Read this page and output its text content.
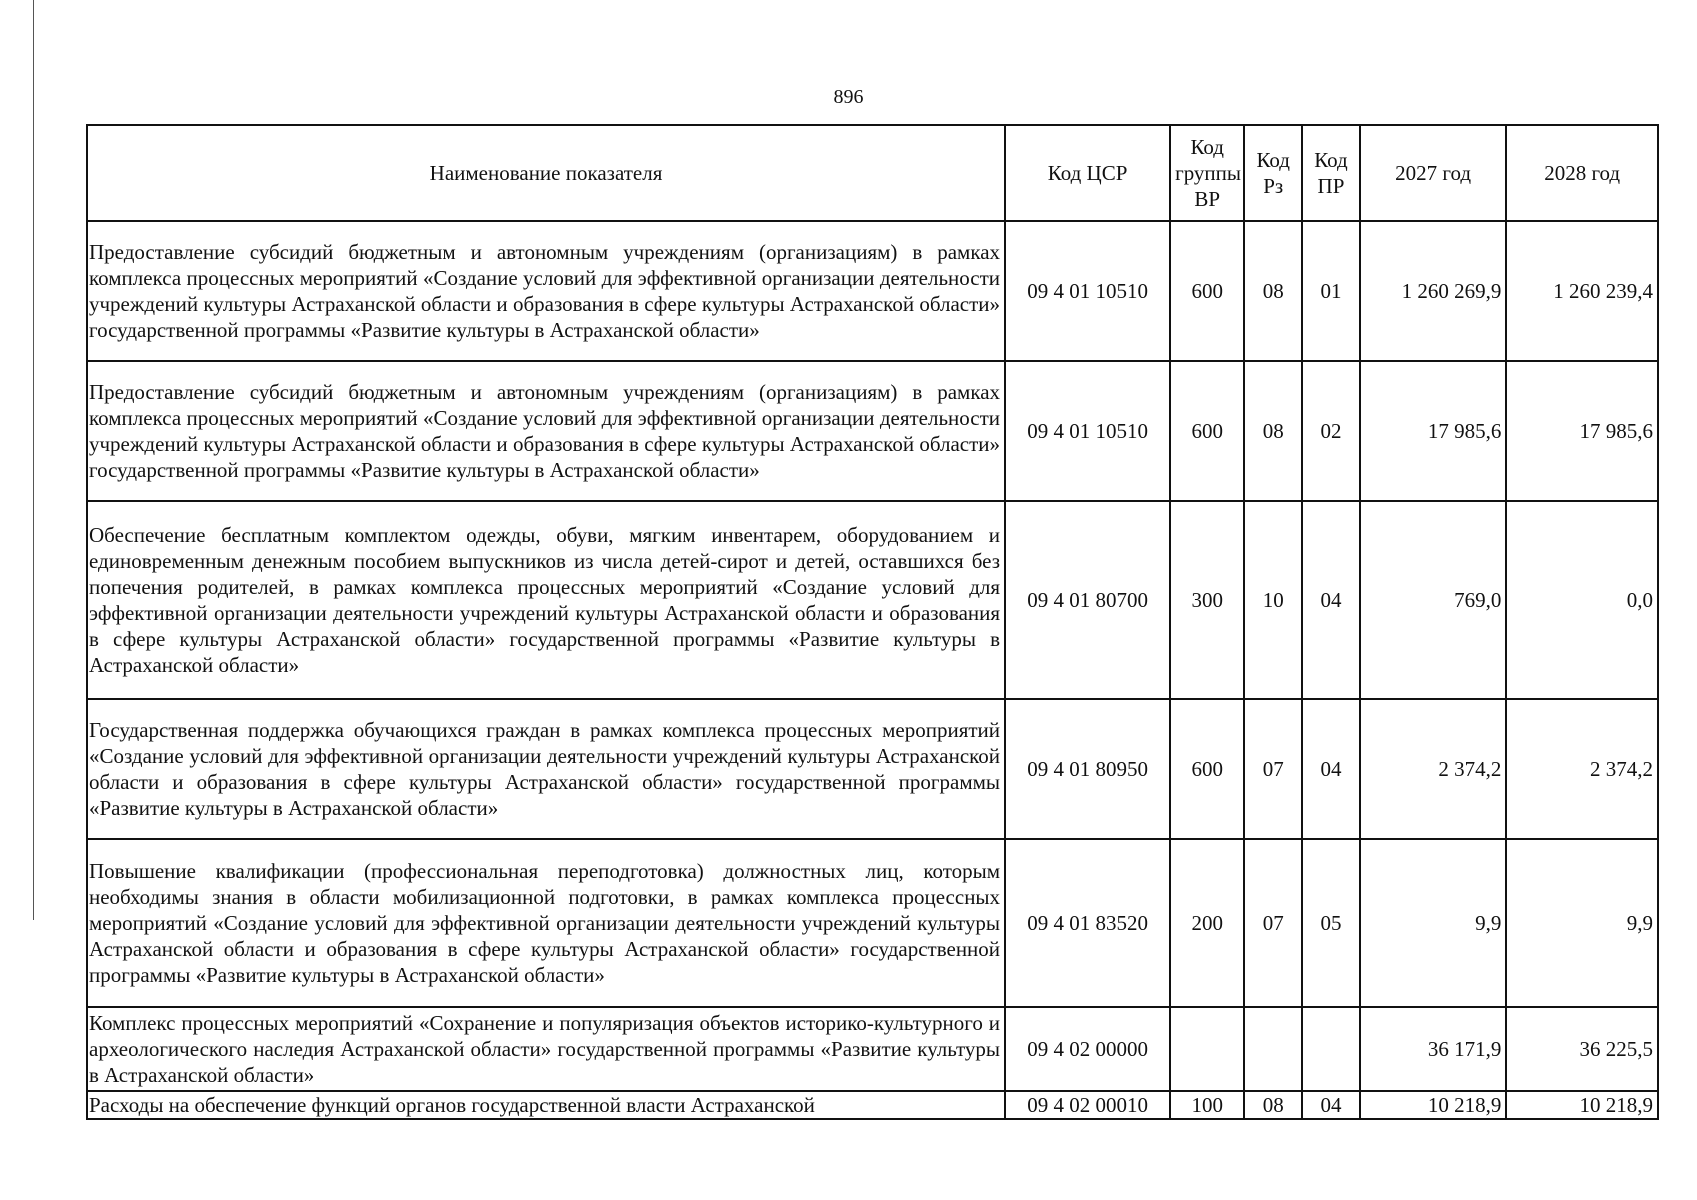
896
Наименование показателя	Код ЦСР	Код группы ВР	Код Рз	Код ПР	2027 год	2028 год
Предоставление субсидий бюджетным и автономным учреждениям (организациям) в рамках комплекса процессных мероприятий «Создание условий для эффективной организации деятельности учреждений культуры Астраханской области и образования в сфере культуры Астраханской области» государственной программы «Развитие культуры в Астраханской области»	09 4 01 10510	600	08	01	1 260 269,9	1 260 239,4
Предоставление субсидий бюджетным и автономным учреждениям (организациям) в рамках комплекса процессных мероприятий «Создание условий для эффективной организации деятельности учреждений культуры Астраханской области и образования в сфере культуры Астраханской области» государственной программы «Развитие культуры в Астраханской области»	09 4 01 10510	600	08	02	17 985,6	17 985,6
Обеспечение бесплатным комплектом одежды, обуви, мягким инвентарем, оборудованием и единовременным денежным пособием выпускников из числа детей-сирот и детей, оставшихся без попечения родителей, в рамках комплекса процессных мероприятий «Создание условий для эффективной организации деятельности учреждений культуры Астраханской области и образования в сфере культуры Астраханской области» государственной программы «Развитие культуры в Астраханской области»	09 4 01 80700	300	10	04	769,0	0,0
Государственная поддержка обучающихся граждан в рамках комплекса процессных мероприятий «Создание условий для эффективной организации деятельности учреждений культуры Астраханской области и образования в сфере культуры Астраханской области» государственной программы «Развитие культуры в Астраханской области»	09 4 01 80950	600	07	04	2 374,2	2 374,2
Повышение квалификации (профессиональная переподготовка) должностных лиц, которым необходимы знания в области мобилизационной подготовки, в рамках комплекса процессных мероприятий «Создание условий для эффективной организации деятельности учреждений культуры Астраханской области и образования в сфере культуры Астраханской области» государственной программы «Развитие культуры в Астраханской области»	09 4 01 83520	200	07	05	9,9	9,9
Комплекс процессных мероприятий «Сохранение и популяризация объектов историко-культурного и археологического наследия Астраханской области» государственной программы «Развитие культуры в Астраханской области»	09 4 02 00000				36 171,9	36 225,5
Расходы на обеспечение функций органов государственной власти Астраханской	09 4 02 00010	100	08	04	10 218,9	10 218,9
